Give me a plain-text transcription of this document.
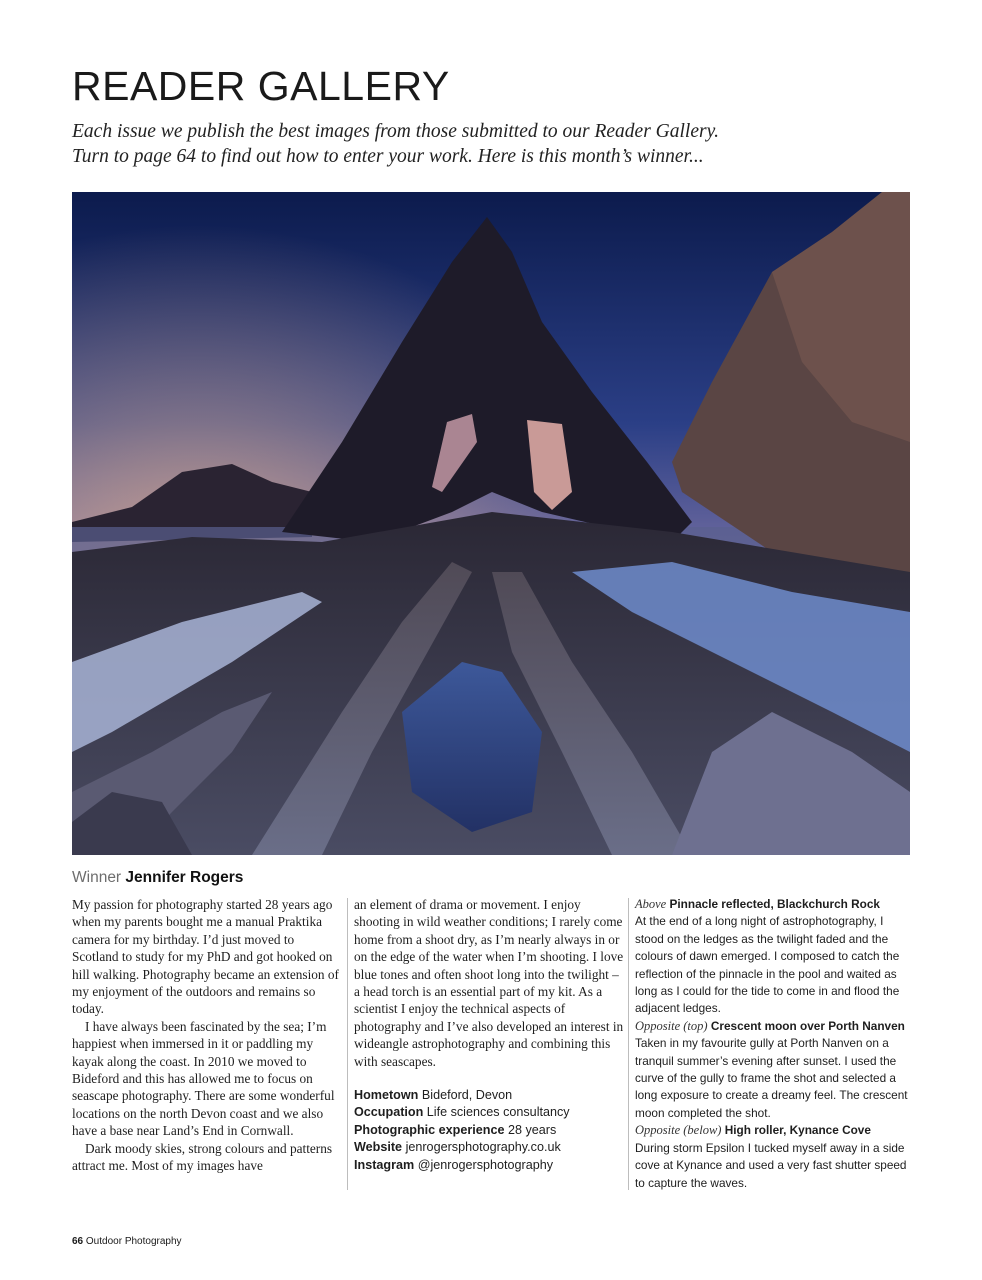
READER GALLERY

Each issue we publish the best images from those submitted to our Reader Gallery.
Turn to page 64 to find out how to enter your work. Here is this month’s winner...

Winner Jennifer Rogers

My passion for photography started 28 years ago when my parents bought me a manual Praktika camera for my birthday. I’d just moved to Scotland to study for my PhD and got hooked on hill walking. Photography became an extension of my enjoyment of the outdoors and remains so today.

I have always been fascinated by the sea; I’m happiest when immersed in it or paddling my kayak along the coast. In 2010 we moved to Bideford and this has allowed me to focus on seascape photography. There are some wonderful locations on the north Devon coast and we also have a base near Land’s End in Cornwall.

Dark moody skies, strong colours and patterns attract me. Most of my images have

an element of drama or movement. I enjoy shooting in wild weather conditions; I rarely come home from a shoot dry, as I’m nearly always in or on the edge of the water when I’m shooting. I love blue tones and often shoot long into the twilight – a head torch is an essential part of my kit. As a scientist I enjoy the technical aspects of photography and I’ve also developed an interest in wideangle astrophotography and combining this with seascapes.

Hometown Bideford, Devon
Occupation Life sciences consultancy
Photographic experience 28 years
Website jenrogersphotography.co.uk
Instagram @jenrogersphotography

Above Pinnacle reflected, Blackchurch Rock
At the end of a long night of astrophotography, I stood on the ledges as the twilight faded and the colours of dawn emerged. I composed to catch the reflection of the pinnacle in the pool and waited as long as I could for the tide to come in and flood the adjacent ledges.

Opposite (top) Crescent moon over Porth Nanven
Taken in my favourite gully at Porth Nanven on a tranquil summer’s evening after sunset. I used the curve of the gully to frame the shot and selected a long exposure to create a dreamy feel. The crescent moon completed the shot.

Opposite (below) High roller, Kynance Cove
During storm Epsilon I tucked myself away in a side cove at Kynance and used a very fast shutter speed to capture the waves.

66 Outdoor Photography
